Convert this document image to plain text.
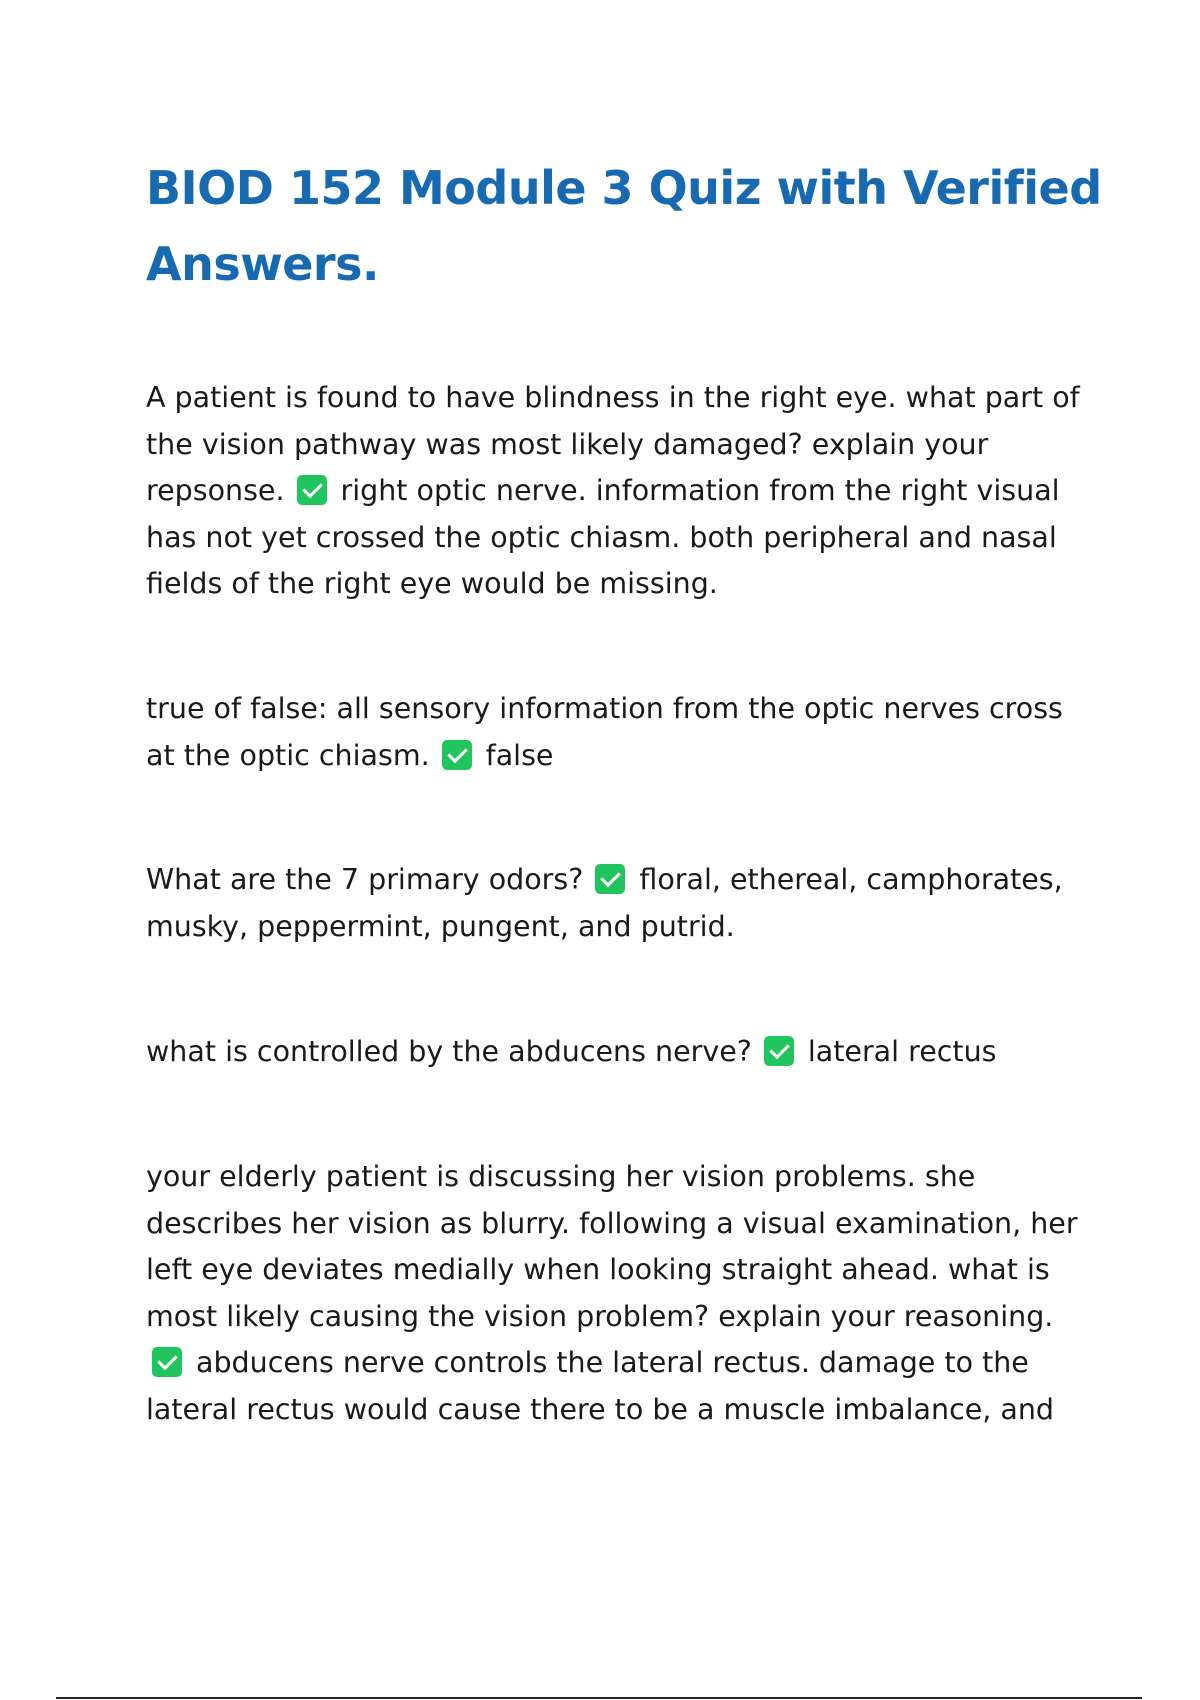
BIOD 152 Module 3 Quiz with Verified Answers.

A patient is found to have blindness in the right eye. what part of the vision pathway was most likely damaged? explain your repsonse. right optic nerve. information from the right visual has not yet crossed the optic chiasm. both peripheral and nasal fields of the right eye would be missing.

true of false: all sensory information from the optic nerves cross at the optic chiasm. false

What are the 7 primary odors? floral, ethereal, camphorates, musky, peppermint, pungent, and putrid.

what is controlled by the abducens nerve? lateral rectus

your elderly patient is discussing her vision problems. she describes her vision as blurry. following a visual examination, her left eye deviates medially when looking straight ahead. what is most likely causing the vision problem? explain your reasoning.
abducens nerve controls the lateral rectus. damage to the lateral rectus would cause there to be a muscle imbalance, and
